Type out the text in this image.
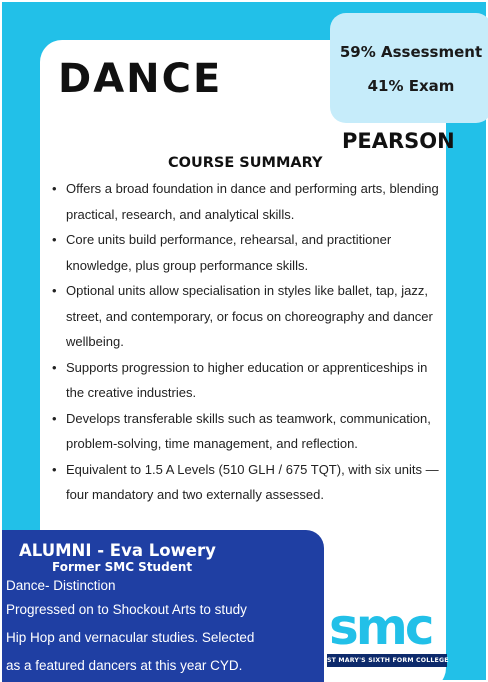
DANCE
59% Assessment
41% Exam
PEARSON
COURSE SUMMARY
• Offers a broad foundation in dance and performing arts, blending practical, research, and analytical skills.
• Core units build performance, rehearsal, and practitioner knowledge, plus group performance skills.
• Optional units allow specialisation in styles like ballet, tap, jazz, street, and contemporary, or focus on choreography and dancer wellbeing.
• Supports progression to higher education or apprenticeships in the creative industries.
• Develops transferable skills such as teamwork, communication, problem-solving, time management, and reflection.
• Equivalent to 1.5 A Levels (510 GLH / 675 TQT), with six units — four mandatory and two externally assessed.
ALUMNI - Eva Lowery
Former SMC Student
Dance- Distinction
Progressed on to Shockout Arts to study
Hip Hop and vernacular studies. Selected
as a featured dancers at this year CYD.
smc
ST MARY'S SIXTH FORM COLLEGE
